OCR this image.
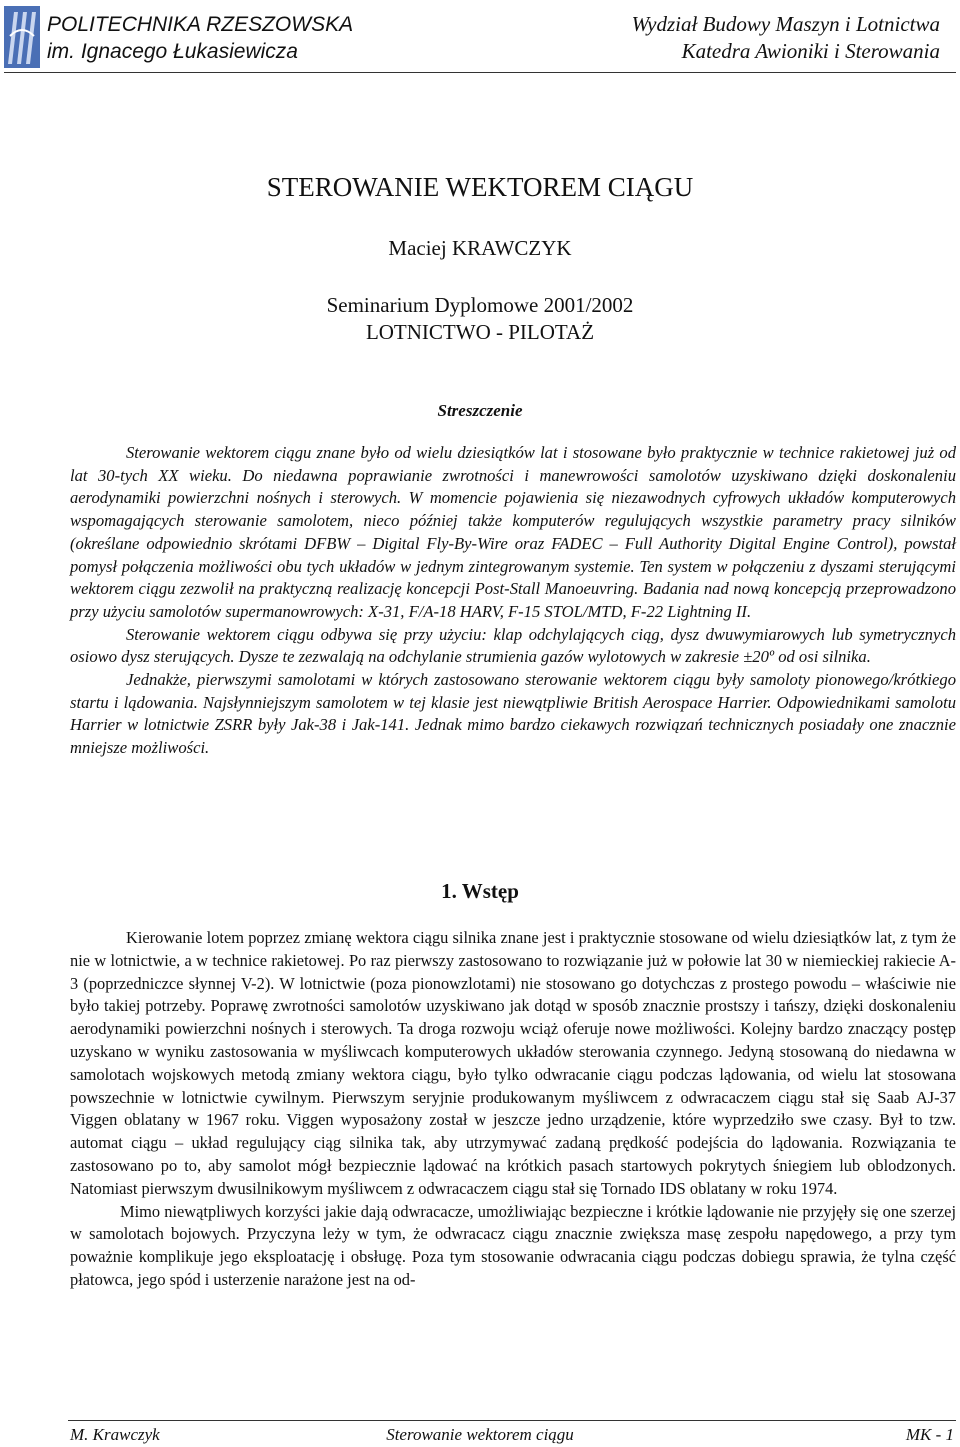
POLITECHNIKA RZESZOWSKA
im. Ignacego Łukasiewicza
Wydział Budowy Maszyn i Lotnictwa
Katedra Awioniki i Sterowania
STEROWANIE WEKTOREM CIĄGU
Maciej KRAWCZYK
Seminarium Dyplomowe 2001/2002
LOTNICTWO - PILOTAŻ
Streszczenie

Sterowanie wektorem ciągu znane było od wielu dziesiątków lat i stosowane było praktycznie w technice rakietowej już od lat 30-tych XX wieku. Do niedawna poprawianie zwrotności i manewrowości samolotów uzyskiwano dzięki doskonaleniu aerodynamiki powierzchni nośnych i sterowych. W momencie pojawienia się niezawodnych cyfrowych układów komputerowych wspomagających sterowanie samolotem, nieco później także komputerów regulujących wszystkie parametry pracy silników (określane odpowiednio skrótami DFBW – Digital Fly-By-Wire oraz FADEC – Full Authority Digital Engine Control), powstał pomysł połączenia możliwości obu tych układów w jednym zintegrowanym systemie. Ten system w połączeniu z dyszami sterującymi wektorem ciągu zezwolił na praktyczną realizację koncepcji Post-Stall Manoeuvring. Badania nad nową koncepcją przeprowadzono przy użyciu samolotów supermanowrowych: X-31, F/A-18 HARV, F-15 STOL/MTD, F-22 Lightning II.

Sterowanie wektorem ciągu odbywa się przy użyciu: klap odchylających ciąg, dysz dwuwymiarowych lub symetrycznych osiowo dysz sterujących. Dysze te zezwalają na odchylanie strumienia gazów wylotowych w zakresie ±20º od osi silnika.

Jednakże, pierwszymi samolotami w których zastosowano sterowanie wektorem ciągu były samoloty pionowego/krótkiego startu i lądowania. Najsłynniejszym samolotem w tej klasie jest niewątpliwie British Aerospace Harrier. Odpowiednikami samolotu Harrier w lotnictwie ZSRR były Jak-38 i Jak-141. Jednak mimo bardzo ciekawych rozwiązań technicznych posiadały one znacznie mniejsze możliwości.

1. Wstęp

Kierowanie lotem poprzez zmianę wektora ciągu silnika znane jest i praktycznie stosowane od wielu dziesiątków lat, z tym że nie w lotnictwie, a w technice rakietowej. Po raz pierwszy zastosowano to rozwiązanie już w połowie lat 30 w niemieckiej rakiecie A-3 (poprzedniczce słynnej V-2). W lotnictwie (poza pionowzlotami) nie stosowano go dotychczas z prostego powodu – właściwie nie było takiej potrzeby. Poprawę zwrotności samolotów uzyskiwano jak dotąd w sposób znacznie prostszy i tańszy, dzięki doskonaleniu aerodynamiki powierzchni nośnych i sterowych. Ta droga rozwoju wciąż oferuje nowe możliwości. Kolejny bardzo znaczący postęp uzyskano w wyniku zastosowania w myśliwcach komputerowych układów sterowania czynnego. Jedyną stosowaną do niedawna w samolotach wojskowych metodą zmiany wektora ciągu, było tylko odwracanie ciągu podczas lądowania, od wielu lat stosowana powszechnie w lotnictwie cywilnym. Pierwszym seryjnie produkowanym myśliwcem z odwracaczem ciągu stał się Saab AJ-37 Viggen oblatany w 1967 roku. Viggen wyposażony został w jeszcze jedno urządzenie, które wyprzedziło swe czasy. Był to tzw. automat ciągu – układ regulujący ciąg silnika tak, aby utrzymywać zadaną prędkość podejścia do lądowania. Rozwiązania te zastosowano po to, aby samolot mógł bezpiecznie lądować na krótkich pasach startowych pokrytych śniegiem lub oblodzonych. Natomiast pierwszym dwusilnikowym myśliwcem z odwracaczem ciągu stał się Tornado IDS oblatany w roku 1974.

Mimo niewątpliwych korzyści jakie dają odwracacze, umożliwiając bezpieczne i krótkie lądowanie nie przyjęły się one szerzej w samolotach bojowych. Przyczyna leży w tym, że odwracacz ciągu znacznie zwiększa masę zespołu napędowego, a przy tym poważnie komplikuje jego eksploatację i obsługę. Poza tym stosowanie odwracania ciągu podczas dobiegu sprawia, że tylna część płatowca, jego spód i usterzenie narażone jest na od-

M. Krawczyk	Sterowanie wektorem ciągu	MK - 1
